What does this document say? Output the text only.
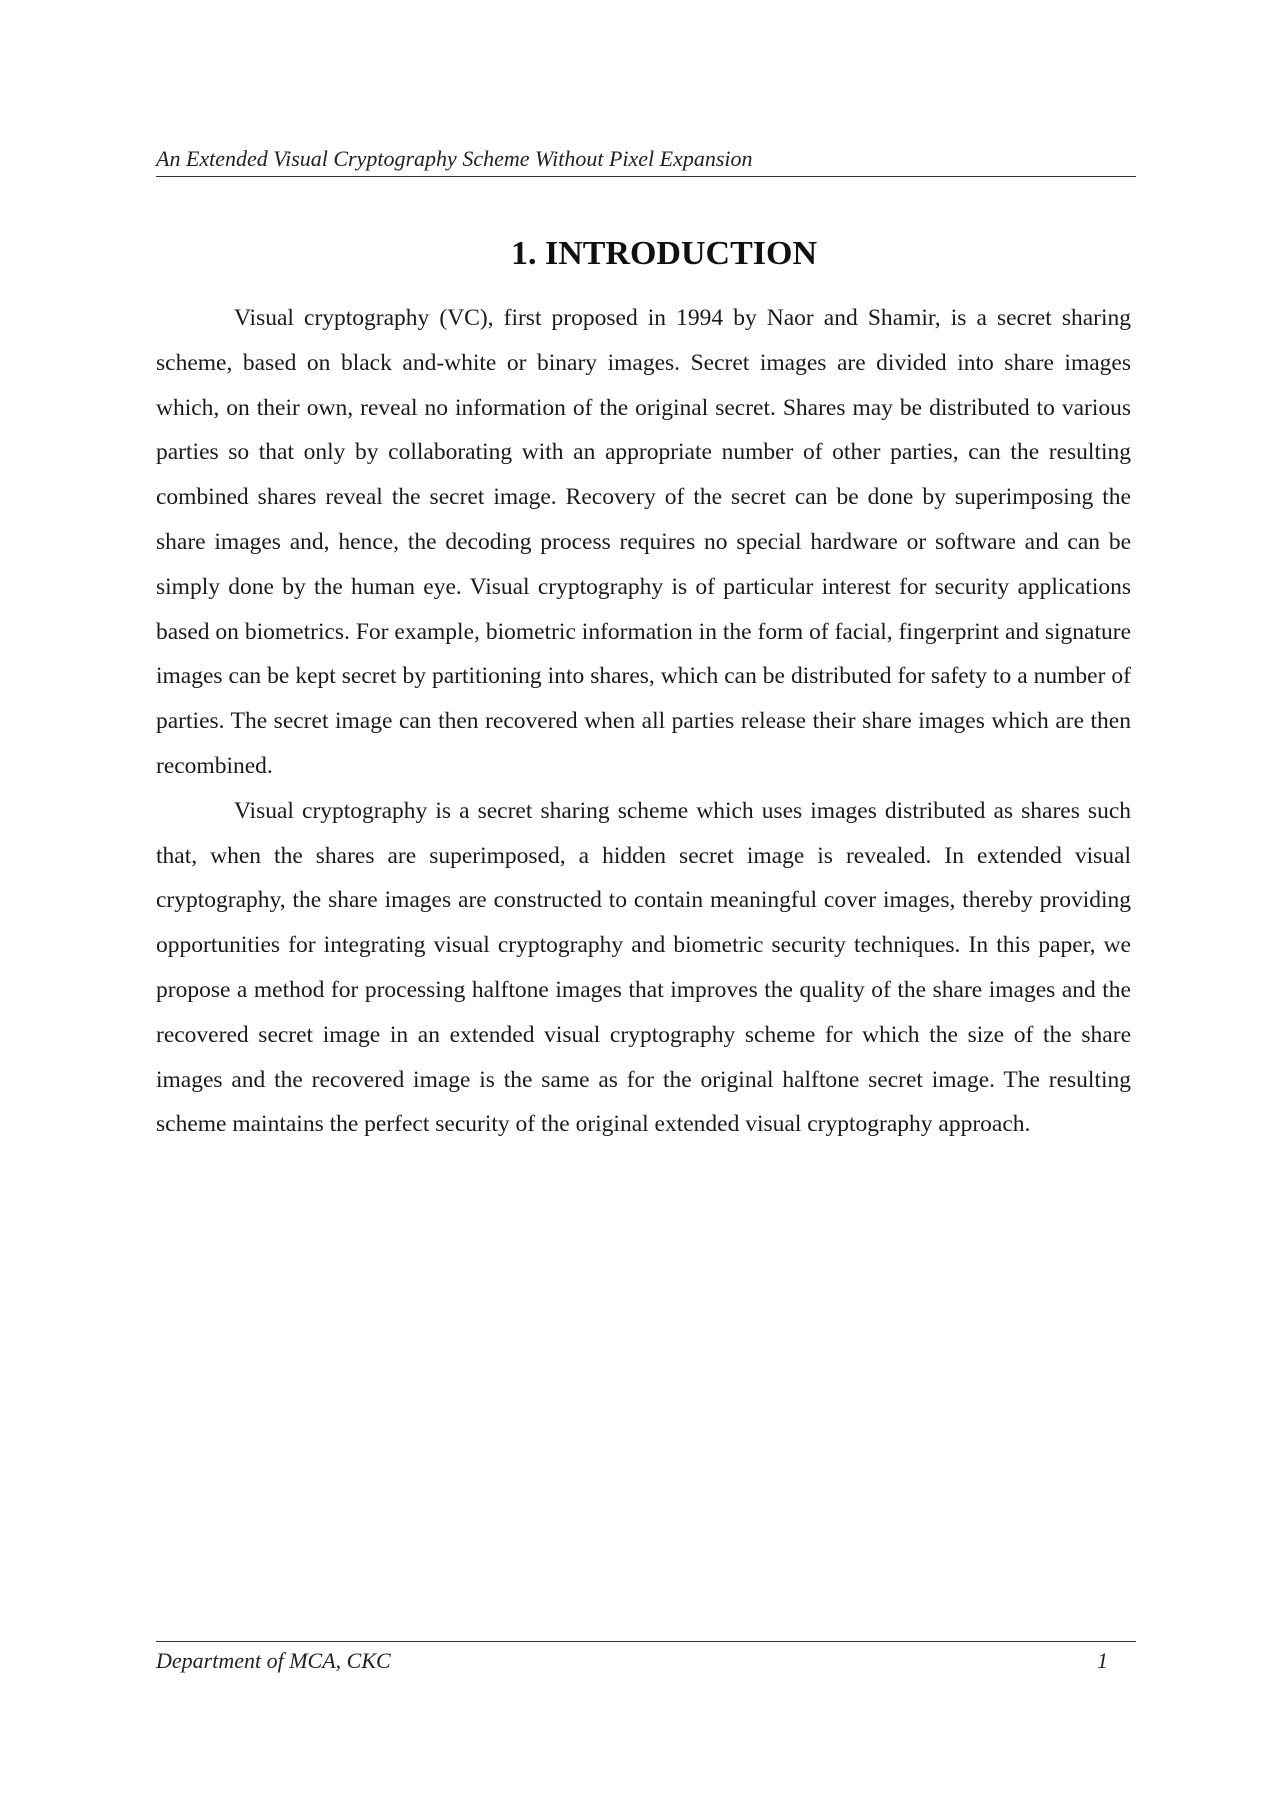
An Extended Visual Cryptography Scheme Without Pixel Expansion
1. INTRODUCTION

Visual cryptography (VC), first proposed in 1994 by Naor and Shamir, is a secret sharing scheme, based on black and-white or binary images. Secret images are divided into share images which, on their own, reveal no information of the original secret. Shares may be distributed to various parties so that only by collaborating with an appropriate number of other parties, can the resulting combined shares reveal the secret image. Recovery of the secret can be done by superimposing the share images and, hence, the decoding process requires no special hardware or software and can be simply done by the human eye. Visual cryptography is of particular interest for security applications based on biometrics. For example, biometric information in the form of facial, fingerprint and signature images can be kept secret by partitioning into shares, which can be distributed for safety to a number of parties. The secret image can then recovered when all parties release their share images which are then recombined.

Visual cryptography is a secret sharing scheme which uses images distributed as shares such that, when the shares are superimposed, a hidden secret image is revealed. In extended visual cryptography, the share images are constructed to contain meaningful cover images, thereby providing opportunities for integrating visual cryptography and biometric security techniques. In this paper, we propose a method for processing halftone images that improves the quality of the share images and the recovered secret image in an extended visual cryptography scheme for which the size of the share images and the recovered image is the same as for the original halftone secret image. The resulting scheme maintains the perfect security of the original extended visual cryptography approach.

Department of MCA, CKC	1
